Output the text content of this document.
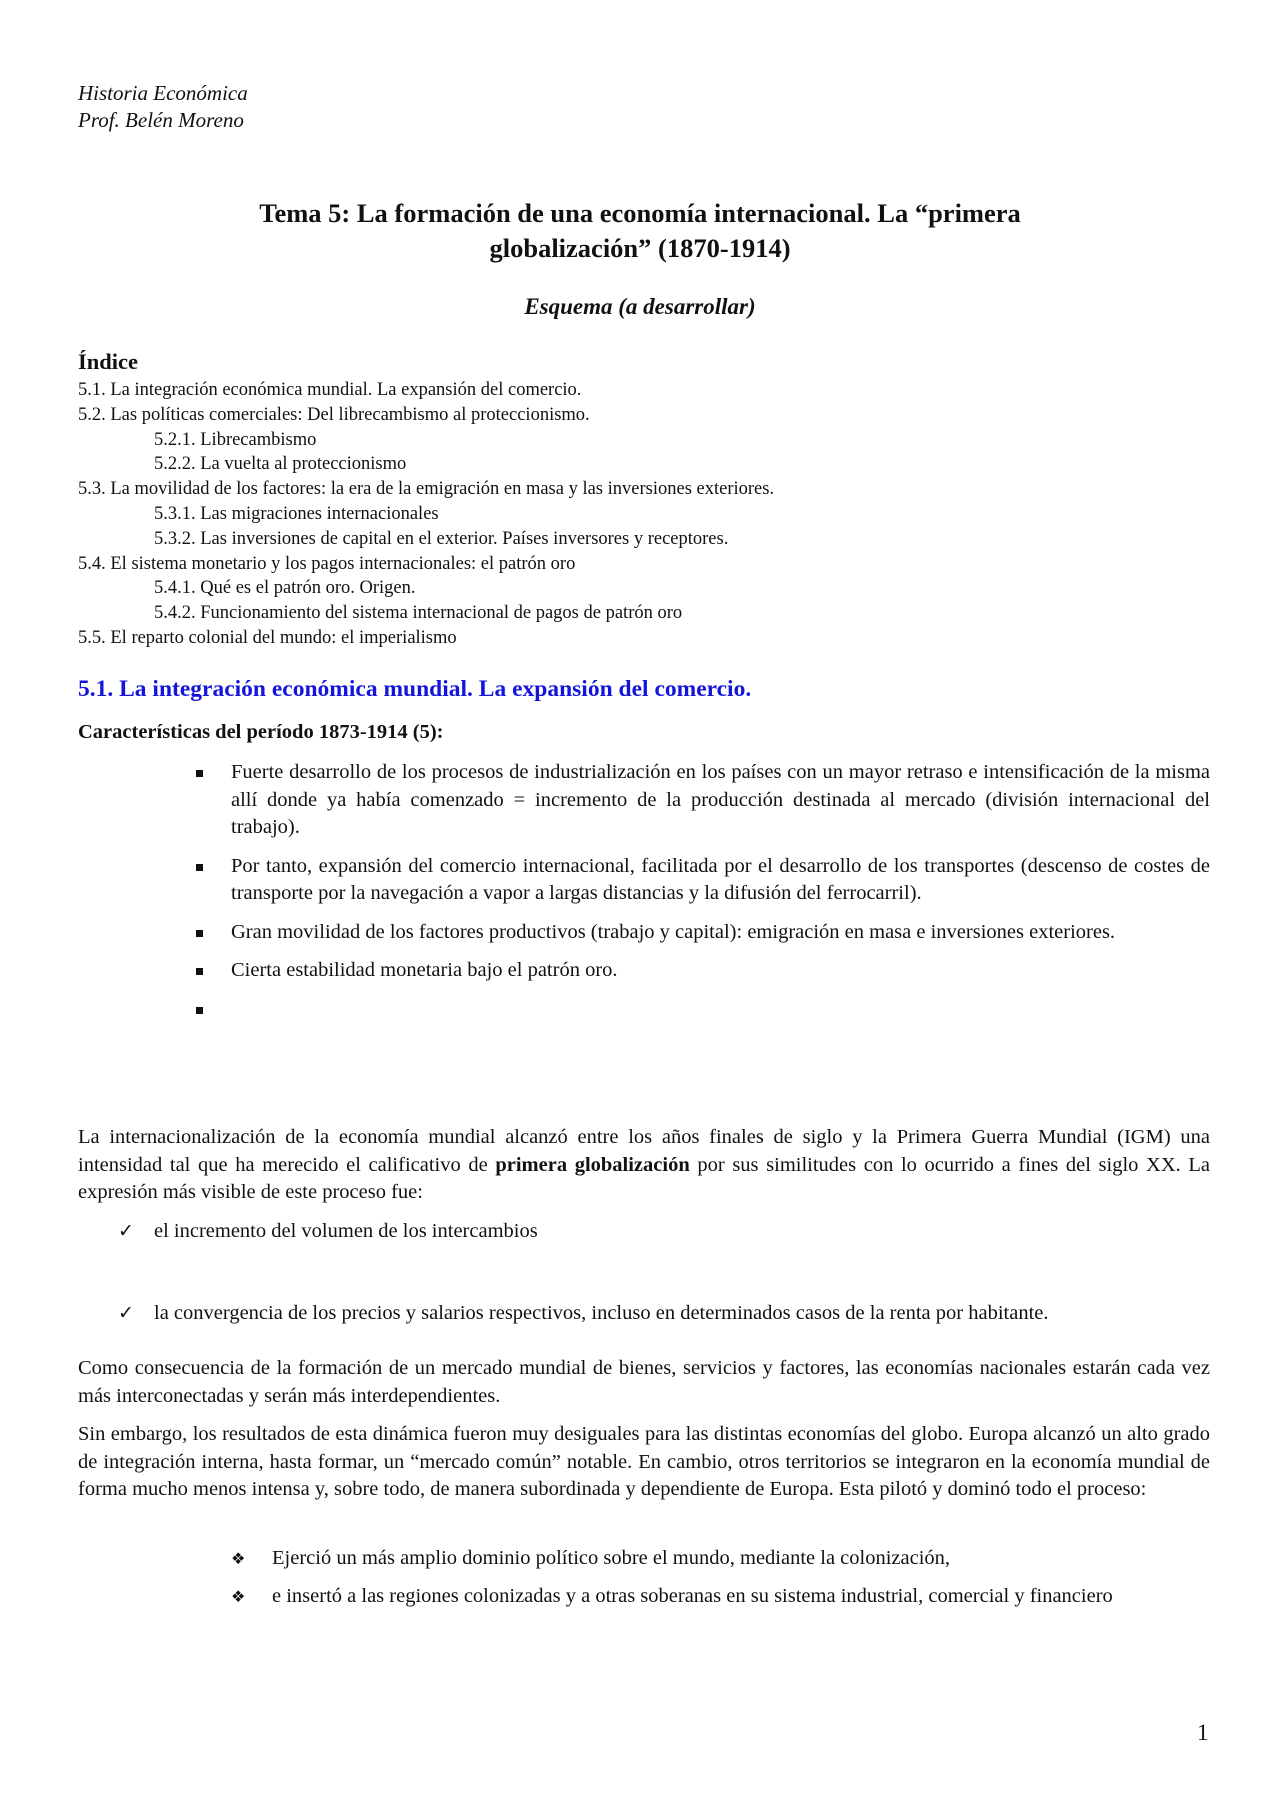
Historia Económica
Prof. Belén Moreno
Tema 5: La formación de una economía internacional. La “primera
globalización” (1870-1914)
Esquema (a desarrollar)
Índice
5.1. La integración económica mundial. La expansión del comercio.
5.2. Las políticas comerciales: Del librecambismo al proteccionismo.
5.2.1. Librecambismo
5.2.2. La vuelta al proteccionismo
5.3. La movilidad de los factores: la era de la emigración en masa y las inversiones exteriores.
5.3.1. Las migraciones internacionales
5.3.2. Las inversiones de capital en el exterior. Países inversores y receptores.
5.4. El sistema monetario y los pagos internacionales: el patrón oro
5.4.1. Qué es el patrón oro. Origen.
5.4.2. Funcionamiento del sistema internacional de pagos de patrón oro
5.5. El reparto colonial del mundo: el imperialismo
5.1. La integración económica mundial. La expansión del comercio.
Características del período 1873-1914 (5):
Fuerte desarrollo de los procesos de industrialización en los países con un mayor retraso e intensificación de la misma allí donde ya había comenzado = incremento de la producción destinada al mercado (división internacional del trabajo).
Por tanto, expansión del comercio internacional, facilitada por el desarrollo de los transportes (descenso de costes de transporte por la navegación a vapor a largas distancias y la difusión del ferrocarril).
Gran movilidad de los factores productivos (trabajo y capital): emigración en masa e inversiones exteriores.
Cierta estabilidad monetaria bajo el patrón oro.

La internacionalización de la economía mundial alcanzó entre los años finales de siglo y la Primera Guerra Mundial (IGM) una intensidad tal que ha merecido el calificativo de primera globalización por sus similitudes con lo ocurrido a fines del siglo XX. La expresión más visible de este proceso fue:

✓ el incremento del volumen de los intercambios
✓ la convergencia de los precios y salarios respectivos, incluso en determinados casos de la renta por habitante.

Como consecuencia de la formación de un mercado mundial de bienes, servicios y factores, las economías nacionales estarán cada vez más interconectadas y serán más interdependientes.

Sin embargo, los resultados de esta dinámica fueron muy desiguales para las distintas economías del globo. Europa alcanzó un alto grado de integración interna, hasta formar, un “mercado común” notable. En cambio, otros territorios se integraron en la economía mundial de forma mucho menos intensa y, sobre todo, de manera subordinada y dependiente de Europa. Esta pilotó y dominó todo el proceso:

❖ Ejerció un más amplio dominio político sobre el mundo, mediante la colonización,
❖ e insertó a las regiones colonizadas y a otras soberanas en su sistema industrial, comercial y financiero
1
